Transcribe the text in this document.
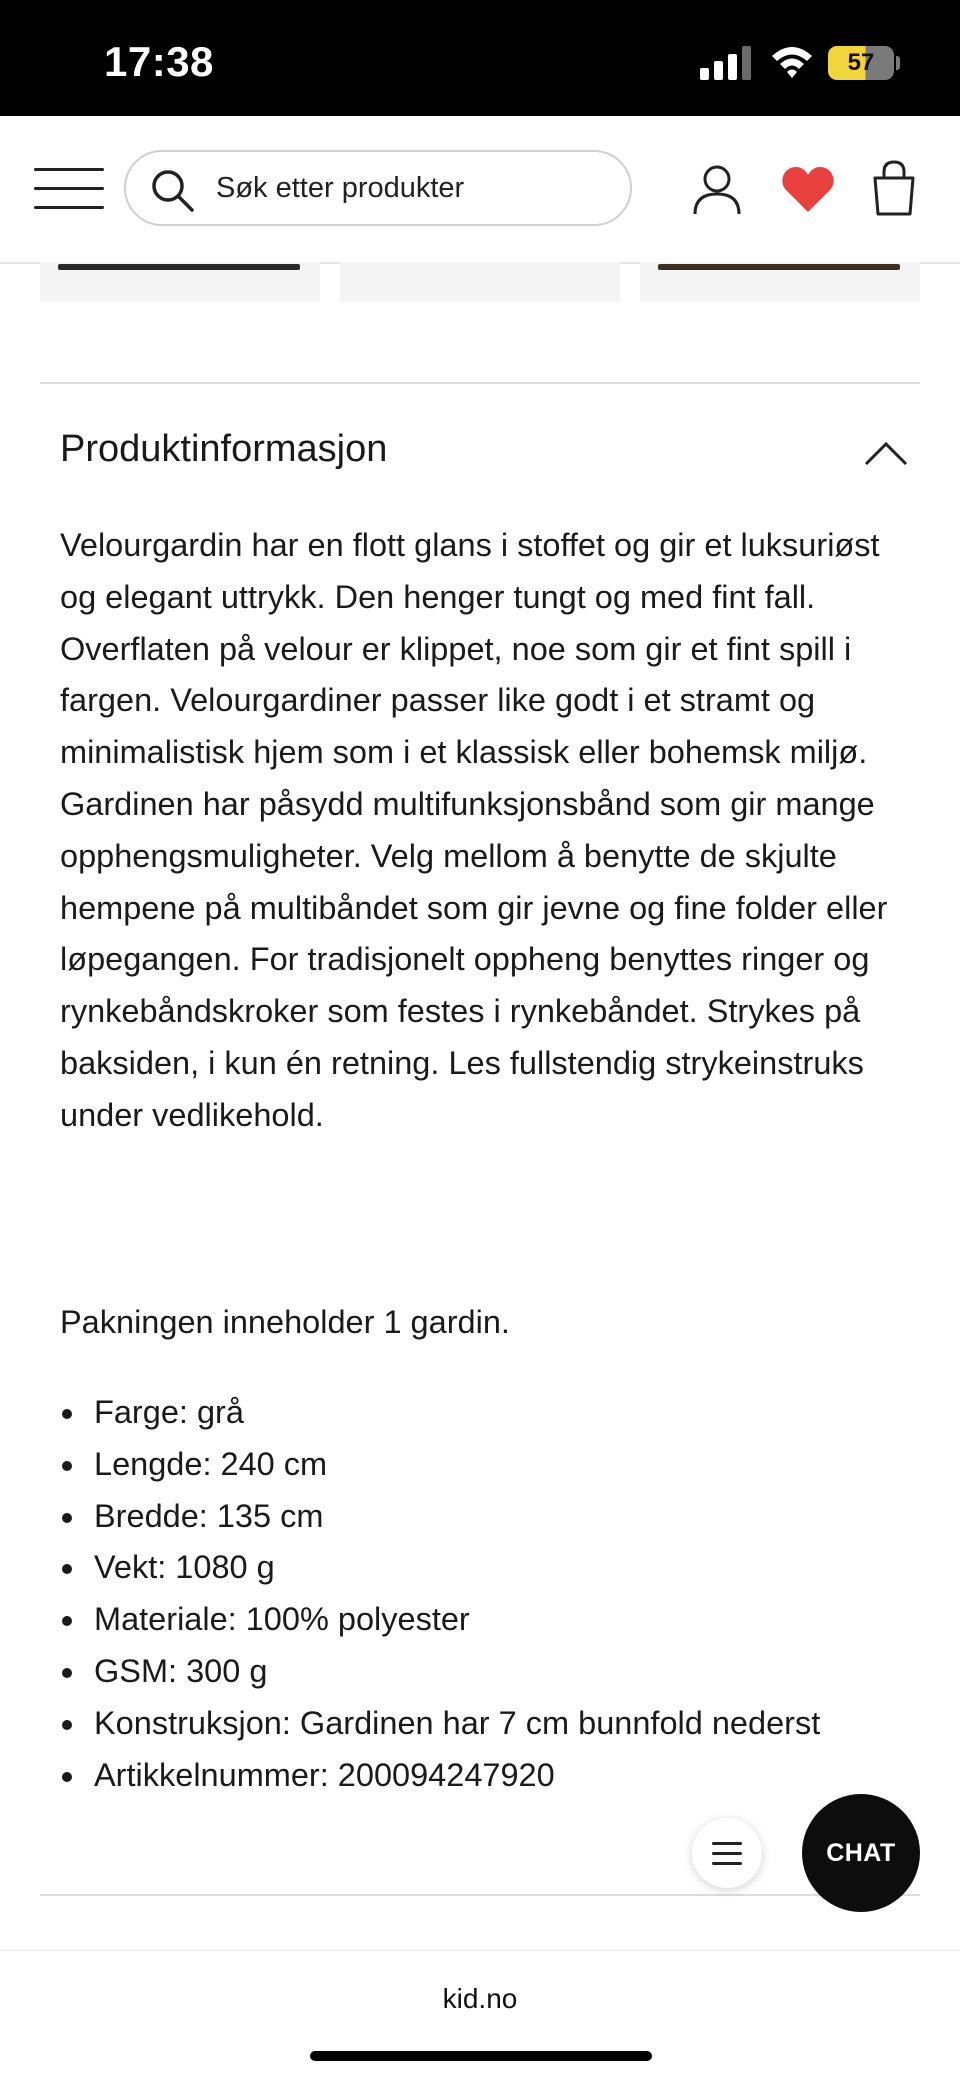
17:38	57
Søk etter produkter
Produktinformasjon

Velourgardin har en flott glans i stoffet og gir et luksuriøst og elegant uttrykk. Den henger tungt og med fint fall. Overflaten på velour er klippet, noe som gir et fint spill i fargen. Velourgardiner passer like godt i et stramt og minimalistisk hjem som i et klassisk eller bohemsk miljø. Gardinen har påsydd multifunksjonsbånd som gir mange opphengsmuligheter. Velg mellom å benytte de skjulte hempene på multibåndet som gir jevne og fine folder eller løpegangen. For tradisjonelt oppheng benyttes ringer og rynkebåndskroker som festes i rynkebåndet. Strykes på baksiden, i kun én retning. Les fullstendig strykeinstruks under vedlikehold.

Pakningen inneholder 1 gardin.

Farge: grå
Lengde: 240 cm
Bredde: 135 cm
Vekt: 1080 g
Materiale: 100% polyester
GSM: 300 g
Konstruksjon: Gardinen har 7 cm bunnfold nederst
Artikkelnummer: 200094247920
CHAT
kid.no
